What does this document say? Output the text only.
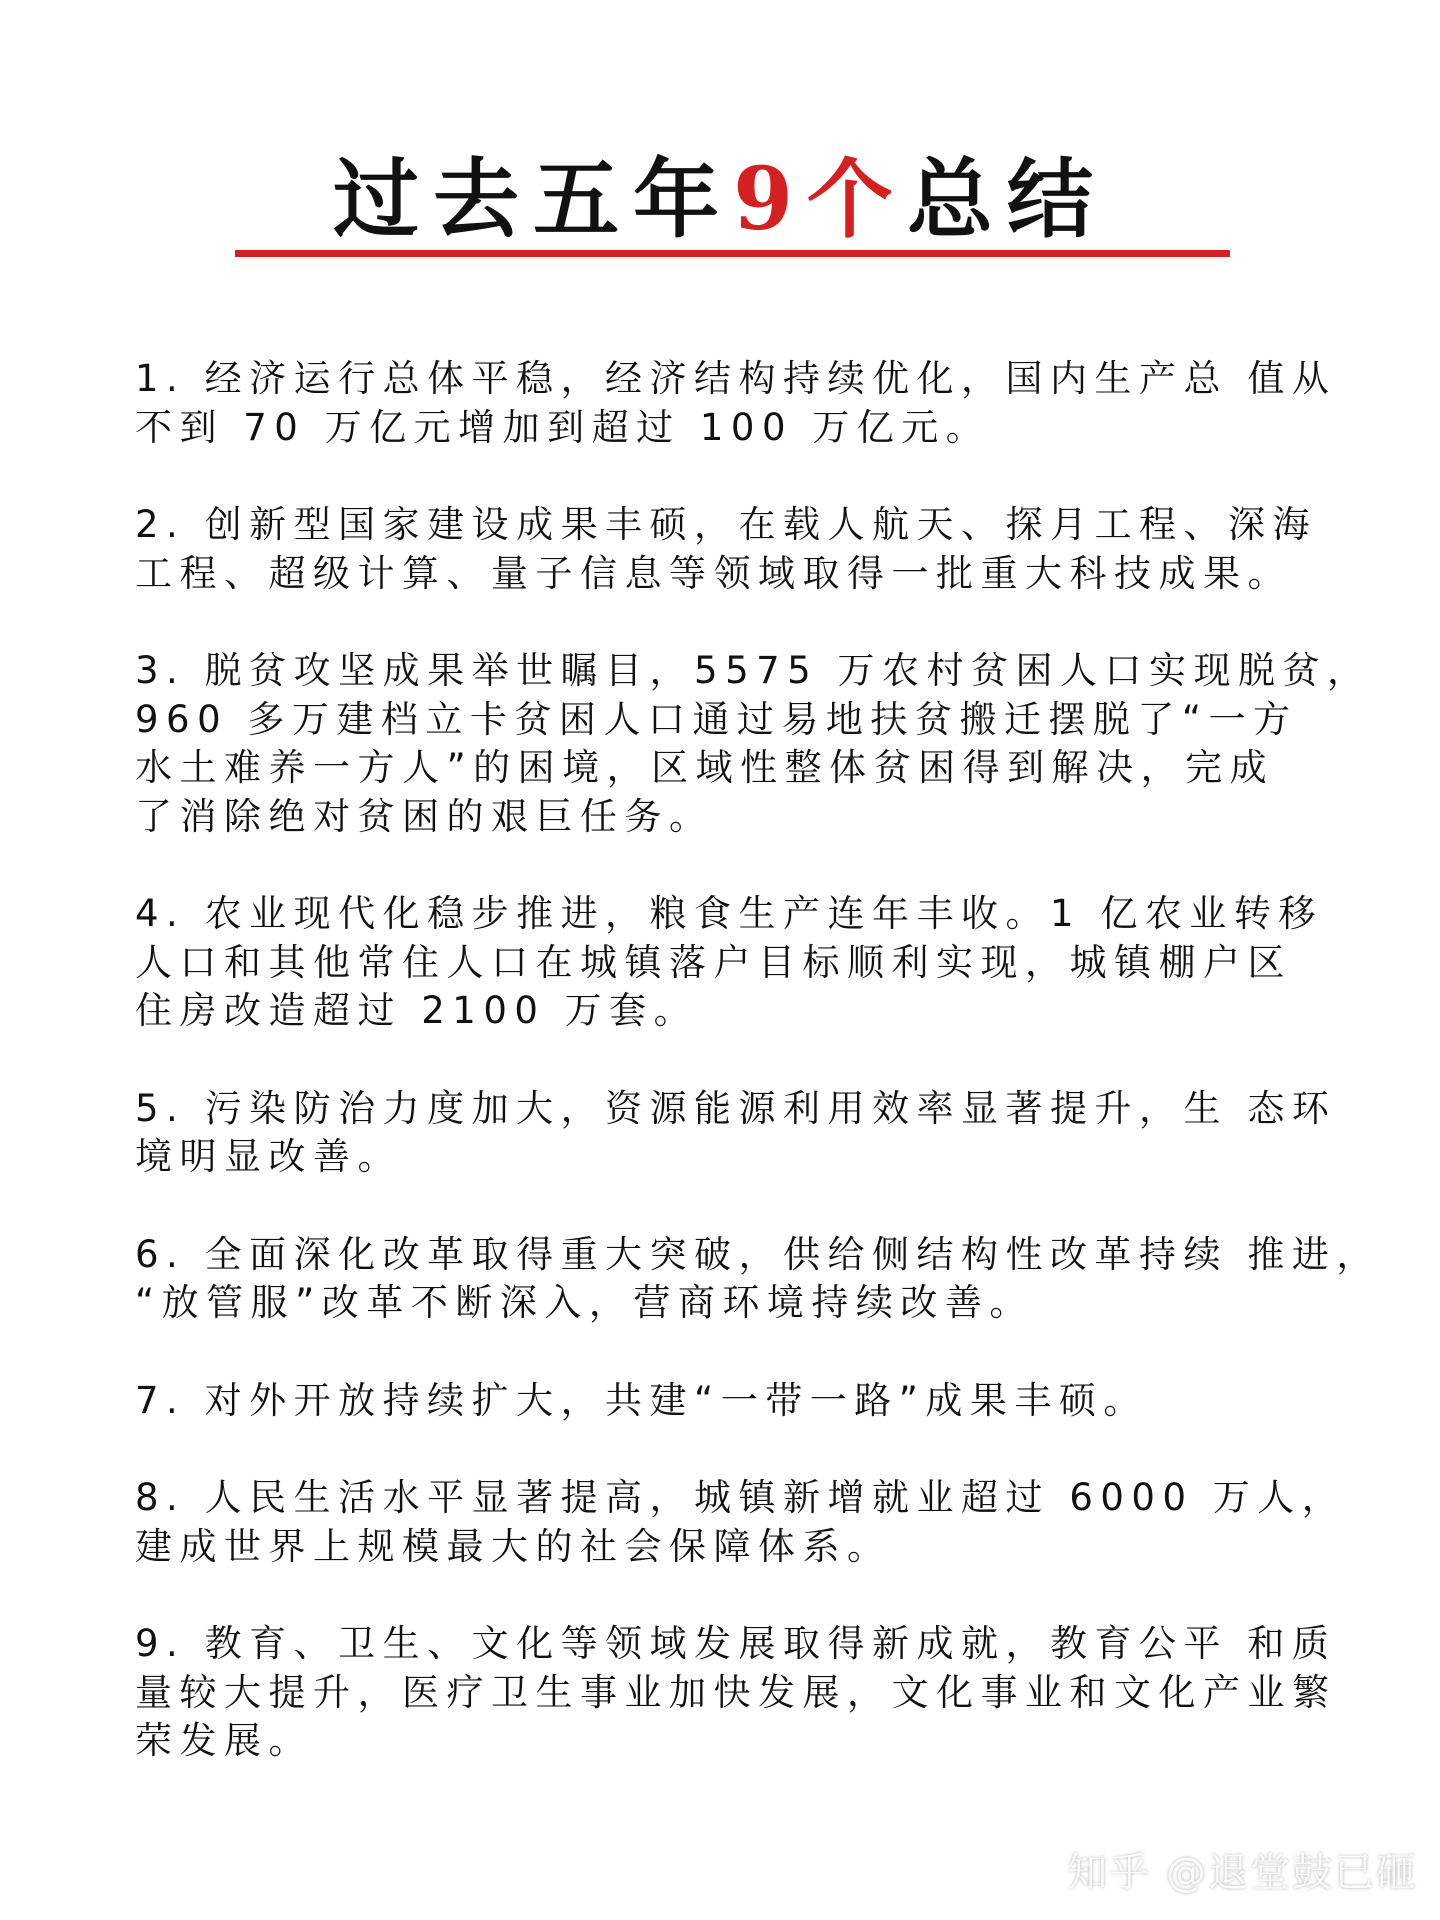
过去五年9个总结
1. 经济运行总体平稳，经济结构持续优化，国内生产总 值从
不到 70 万亿元增加到超过 100 万亿元。
2. 创新型国家建设成果丰硕，在载人航天、探月工程、深海
工程、超级计算、量子信息等领域取得一批重大科技成果。
3. 脱贫攻坚成果举世瞩目，5575 万农村贫困人口实现脱贫，
960 多万建档立卡贫困人口通过易地扶贫搬迁摆脱了“一方
水土难养一方人”的困境，区域性整体贫困得到解决，完成
了消除绝对贫困的艰巨任务。
4. 农业现代化稳步推进，粮食生产连年丰收。1 亿农业转移
人口和其他常住人口在城镇落户目标顺利实现，城镇棚户区
住房改造超过 2100 万套。
5. 污染防治力度加大，资源能源利用效率显著提升，生 态环
境明显改善。
6. 全面深化改革取得重大突破，供给侧结构性改革持续 推进，
“放管服”改革不断深入，营商环境持续改善。
7. 对外开放持续扩大，共建“一带一路”成果丰硕。
8. 人民生活水平显著提高，城镇新增就业超过 6000 万人，
建成世界上规模最大的社会保障体系。
9. 教育、卫生、文化等领域发展取得新成就，教育公平 和质
量较大提升，医疗卫生事业加快发展，文化事业和文化产业繁
荣发展。
知乎 @退堂鼓已砸
